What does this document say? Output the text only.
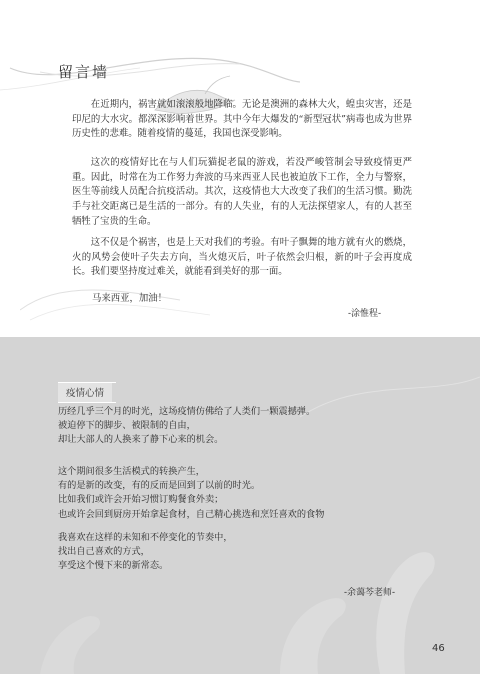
留言墙

在近期内，祸害就如滚滚般地降临。无论是澳洲的森林大火，蝗虫灾害，还是印尼的大水灾。都深深影响着世界。其中今年大爆发的“新型冠状”病毒也成为世界历史性的悲难。随着疫情的蔓延，我国也深受影响。

这次的疫情好比在与人们玩猫捉老鼠的游戏，若没严峻管制会导致疫情更严重。因此，时常在为工作努力奔波的马来西亚人民也被迫放下工作，全力与警察，医生等前线人员配合抗疫活动。其次，这疫情也大大改变了我们的生活习惯。勤洗手与社交距离已是生活的一部分。有的人失业，有的人无法探望家人，有的人甚至牺牲了宝贵的生命。

这不仅是个祸害，也是上天对我们的考验。有叶子飘舞的地方就有火的燃烧，火的风势会使叶子失去方向，当火熄灭后，叶子依然会归根，新的叶子会再度成长。我们要坚持度过难关，就能看到美好的那一面。

马来西亚，加油！
-涂惟程-
疫情心情
历经几乎三个月的时光，这场疫情仿佛给了人类们一颗震撼弹。
被迫停下的脚步、被限制的自由，
却让大部人的人换来了静下心来的机会。
这个期间很多生活模式的转换产生，
有的是新的改变，有的反而是回到了以前的时光。
比如我们或许会开始习惯订购餐食外卖；
也或许会回到厨房开始拿起食材，自己精心挑选和烹饪喜欢的食物
我喜欢在这样的未知和不停变化的节奏中，
找出自己喜欢的方式，
享受这个慢下来的新常态。
-余蔼芩老师-
46
